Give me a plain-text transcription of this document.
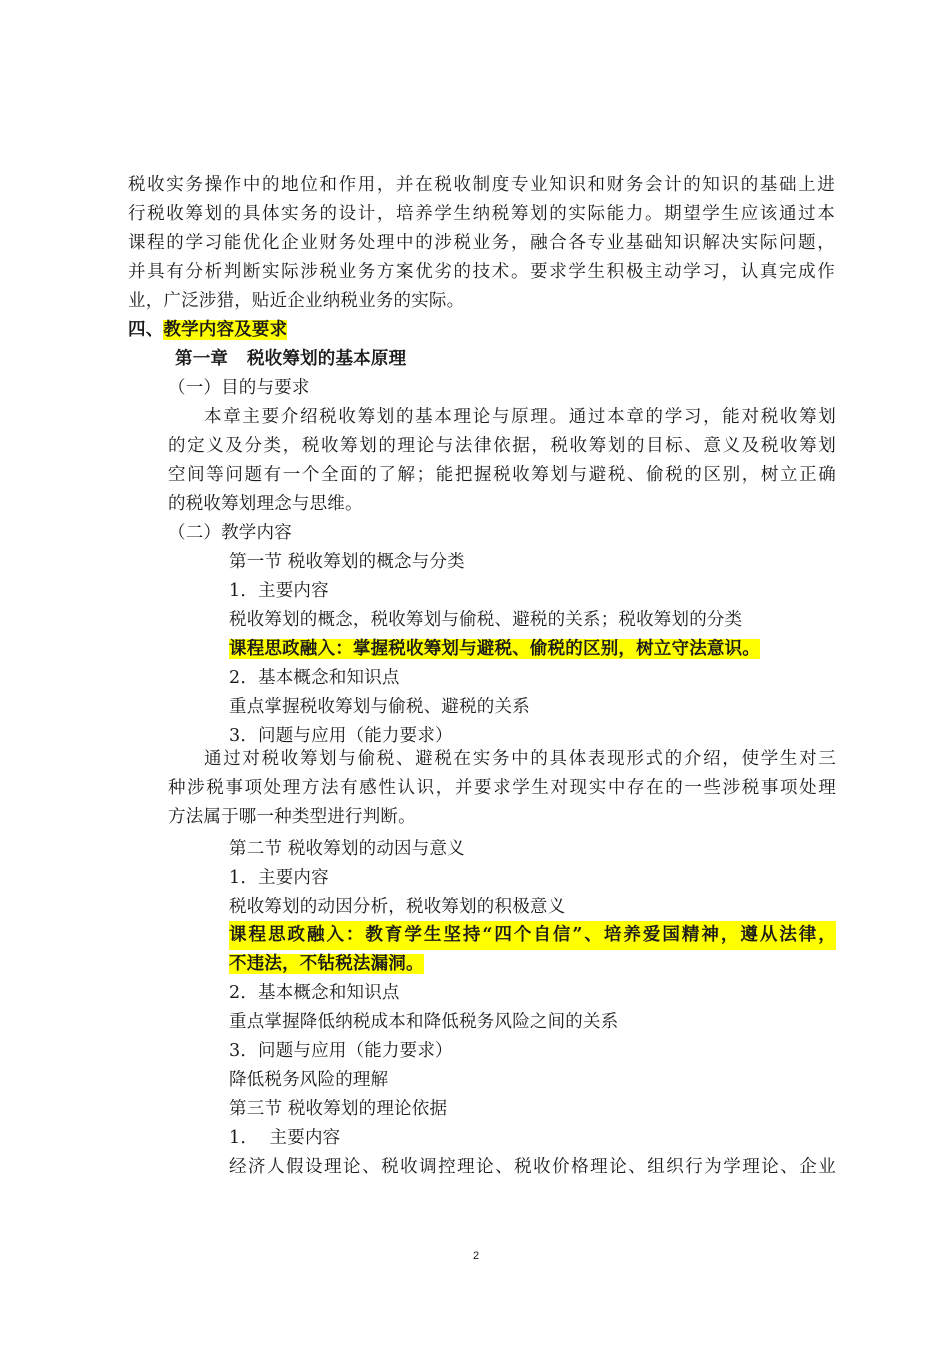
税收实务操作中的地位和作用，并在税收制度专业知识和财务会计的知识的基础上进
行税收筹划的具体实务的设计，培养学生纳税筹划的实际能力。期望学生应该通过本
课程的学习能优化企业财务处理中的涉税业务，融合各专业基础知识解决实际问题，
并具有分析判断实际涉税业务方案优劣的技术。要求学生积极主动学习，认真完成作
业，广泛涉猎，贴近企业纳税业务的实际。
四、教学内容及要求
第一章   税收筹划的基本原理
（一）目的与要求
本章主要介绍税收筹划的基本理论与原理。通过本章的学习，能对税收筹划
的定义及分类，税收筹划的理论与法律依据，税收筹划的目标、意义及税收筹划
空间等问题有一个全面的了解；能把握税收筹划与避税、偷税的区别，树立正确
的税收筹划理念与思维。
（二）教学内容
第一节 税收筹划的概念与分类
1．主要内容
税收筹划的概念，税收筹划与偷税、避税的关系；税收筹划的分类
课程思政融入：掌握税收筹划与避税、偷税的区别，树立守法意识。
2．基本概念和知识点
重点掌握税收筹划与偷税、避税的关系
3．问题与应用（能力要求）
通过对税收筹划与偷税、避税在实务中的具体表现形式的介绍，使学生对三
种涉税事项处理方法有感性认识，并要求学生对现实中存在的一些涉税事项处理
方法属于哪一种类型进行判断。
第二节 税收筹划的动因与意义
1．主要内容
税收筹划的动因分析，税收筹划的积极意义
课程思政融入：教育学生坚持“四个自信”、培养爱国精神，遵从法律，
不违法，不钻税法漏洞。
2．基本概念和知识点
重点掌握降低纳税成本和降低税务风险之间的关系
3．问题与应用（能力要求）
降低税务风险的理解
第三节 税收筹划的理论依据
1．  主要内容
经济人假设理论、税收调控理论、税收价格理论、组织行为学理论、企业
2
